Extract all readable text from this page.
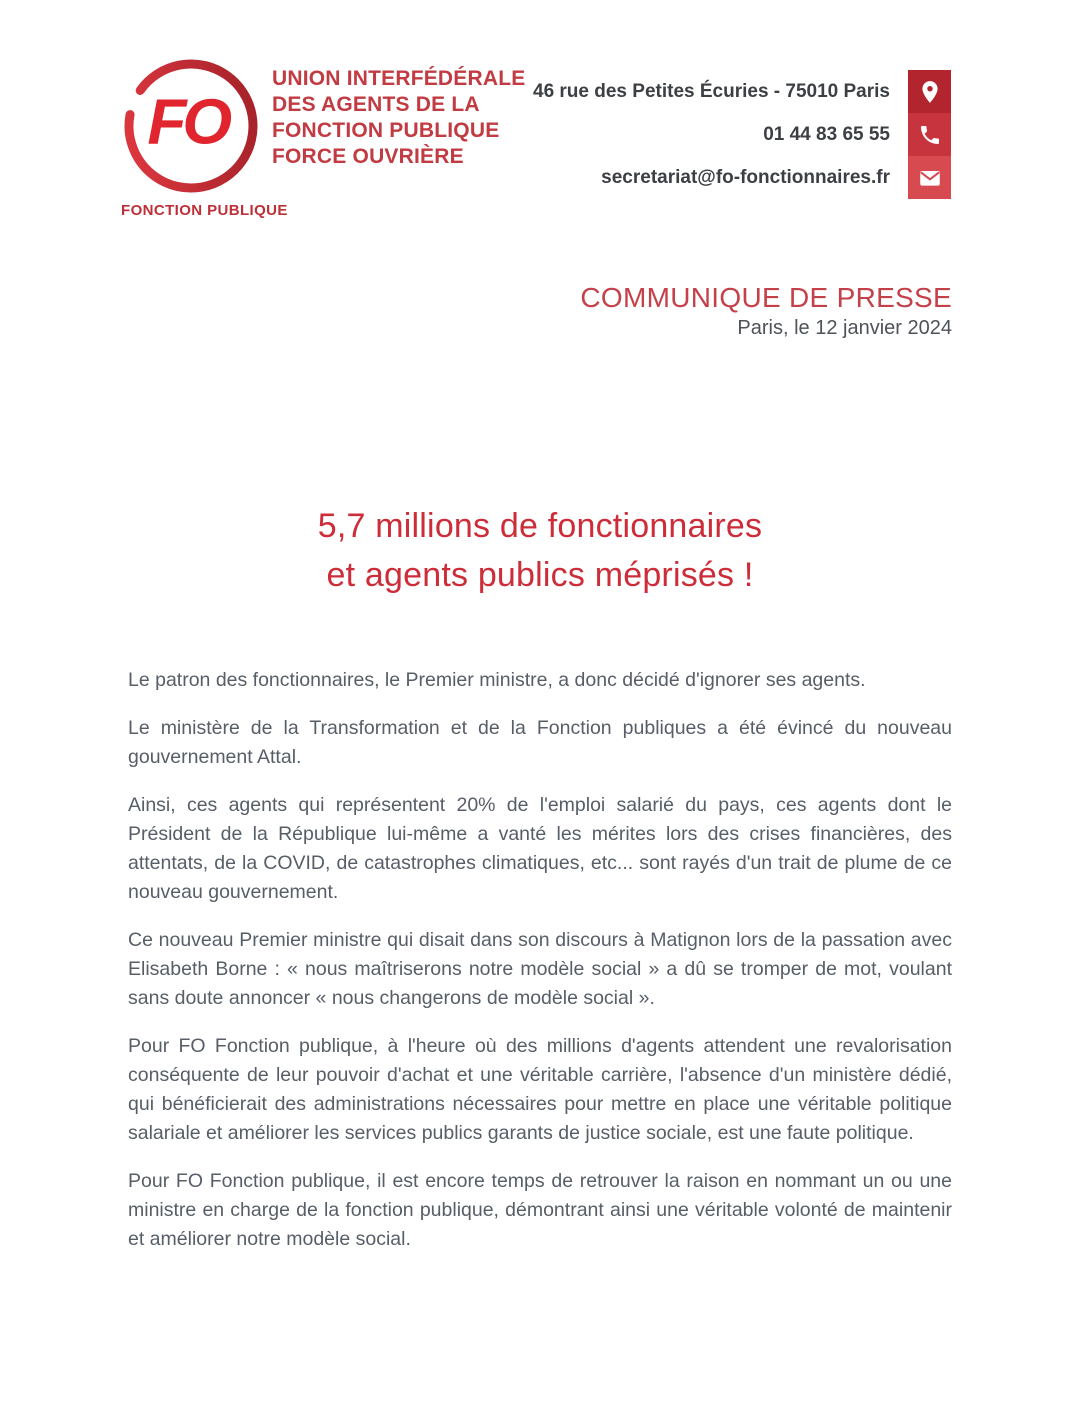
FO
FONCTION PUBLIQUE
UNION INTERFÉDÉRALE
DES AGENTS DE LA
FONCTION PUBLIQUE
FORCE OUVRIÈRE
46 rue des Petites Écuries - 75010 Paris
01 44 83 65 55
secretariat@fo-fonctionnaires.fr
COMMUNIQUE DE PRESSE
Paris, le 12 janvier 2024
5,7 millions de fonctionnaires
et agents publics méprisés !

Le patron des fonctionnaires, le Premier ministre, a donc décidé d'ignorer ses agents.

Le ministère de la Transformation et de la Fonction publiques a été évincé du nouveau gouvernement Attal.

Ainsi, ces agents qui représentent 20% de l'emploi salarié du pays, ces agents dont le Président de la République lui-même a vanté les mérites lors des crises financières, des attentats, de la COVID, de catastrophes climatiques, etc... sont rayés d'un trait de plume de ce nouveau gouvernement.

Ce nouveau Premier ministre qui disait dans son discours à Matignon lors de la passation avec Elisabeth Borne : « nous maîtriserons notre modèle social » a dû se tromper de mot, voulant sans doute annoncer « nous changerons de modèle social ».

Pour FO Fonction publique, à l'heure où des millions d'agents attendent une revalorisation conséquente de leur pouvoir d'achat et une véritable carrière, l'absence d'un ministère dédié, qui bénéficierait des administrations nécessaires pour mettre en place une véritable politique salariale et améliorer les services publics garants de justice sociale, est une faute politique.

Pour FO Fonction publique, il est encore temps de retrouver la raison en nommant un ou une ministre en charge de la fonction publique, démontrant ainsi une véritable volonté de maintenir et améliorer notre modèle social.
